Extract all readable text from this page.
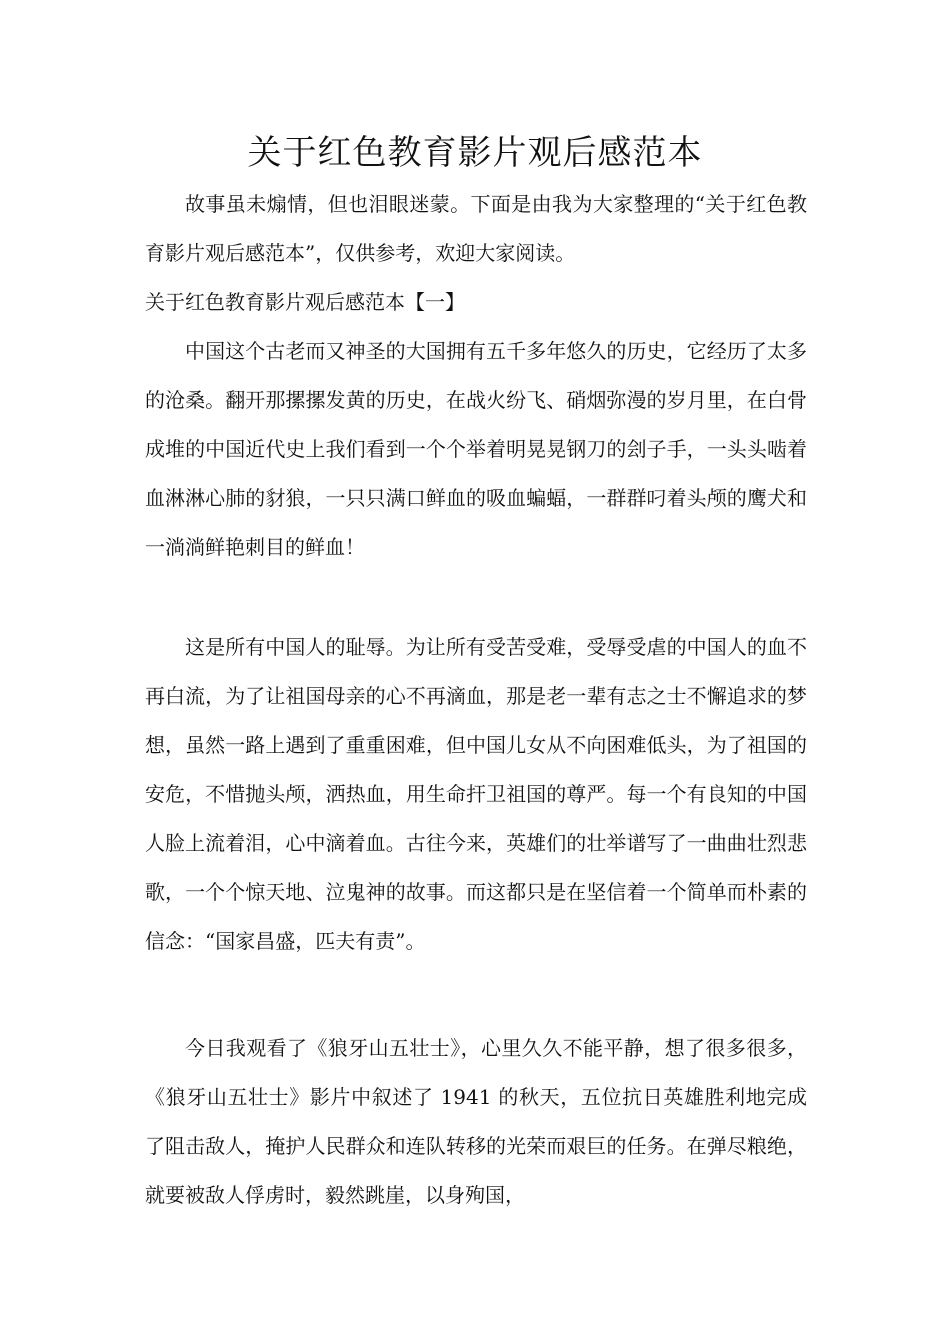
关于红色教育影片观后感范本

故事虽未煽情，但也泪眼迷蒙。下面是由我为大家整理的“关于红色教育影片观后感范本”，仅供参考，欢迎大家阅读。

关于红色教育影片观后感范本【一】

中国这个古老而又神圣的大国拥有五千多年悠久的历史，它经历了太多的沧桑。翻开那摞摞发黄的历史，在战火纷飞、硝烟弥漫的岁月里，在白骨成堆的中国近代史上我们看到一个个举着明晃晃钢刀的刽子手，一头头啮着血淋淋心肺的豺狼，一只只满口鲜血的吸血蝙蝠，一群群叼着头颅的鹰犬和一淌淌鲜艳刺目的鲜血！

这是所有中国人的耻辱。为让所有受苦受难，受辱受虐的中国人的血不再白流，为了让祖国母亲的心不再滴血，那是老一辈有志之士不懈追求的梦想，虽然一路上遇到了重重困难，但中国儿女从不向困难低头，为了祖国的安危，不惜抛头颅，洒热血，用生命扞卫祖国的尊严。每一个有良知的中国人脸上流着泪，心中滴着血。古往今来，英雄们的壮举谱写了一曲曲壮烈悲歌，一个个惊天地、泣鬼神的故事。而这都只是在坚信着一个简单而朴素的信念：“国家昌盛，匹夫有责”。

今日我观看了《狼牙山五壮士》，心里久久不能平静，想了很多很多，《狼牙山五壮士》影片中叙述了 1941 的秋天，五位抗日英雄胜利地完成了阻击敌人，掩护人民群众和连队转移的光荣而艰巨的任务。在弹尽粮绝，就要被敌人俘虏时，毅然跳崖，以身殉国，
